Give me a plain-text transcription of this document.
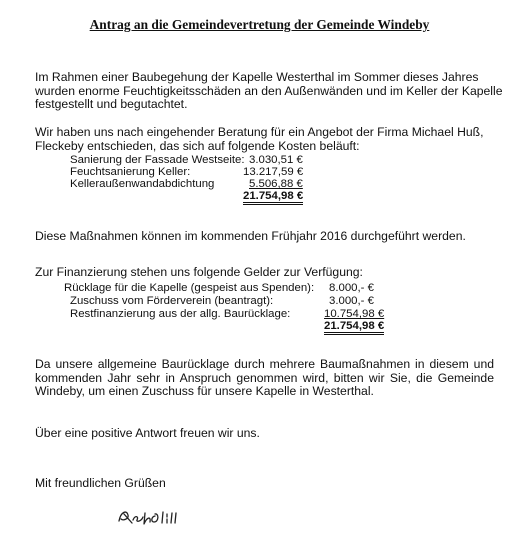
Antrag an die Gemeindevertretung der Gemeinde Windeby
Im Rahmen einer Baubegehung der Kapelle Westerthal im Sommer dieses Jahres
wurden enorme Feuchtigkeitsschäden an den Außenwänden und im Keller der Kapelle
festgestellt und begutachtet.
Wir haben uns nach eingehender Beratung für ein Angebot der Firma Michael Huß,
Fleckeby entschieden, das sich auf folgende Kosten beläuft:
Sanierung der Fassade Westseite: 3.030,51 €
Feuchtsanierung Keller:	13.217,59 €
Kelleraußenwandabdichtung	5.506,88 €
21.754,98 €
Diese Maßnahmen können im kommenden Frühjahr 2016 durchgeführt werden.
Zur Finanzierung stehen uns folgende Gelder zur Verfügung:
Rücklage für die Kapelle (gespeist aus Spenden): 8.000,- €
Zuschuss vom Förderverein (beantragt):	3.000,- €
Restfinanzierung aus der allg. Baurücklage:	10.754,98 €
21.754,98 €
Da unsere allgemeine Baurücklage durch mehrere Baumaßnahmen in diesem und
kommenden Jahr sehr in Anspruch genommen wird, bitten wir Sie, die Gemeinde
Windeby, um einen Zuschuss für unsere Kapelle in Westerthal.
Über eine positive Antwort freuen wir uns.
Mit freundlichen Grüßen
